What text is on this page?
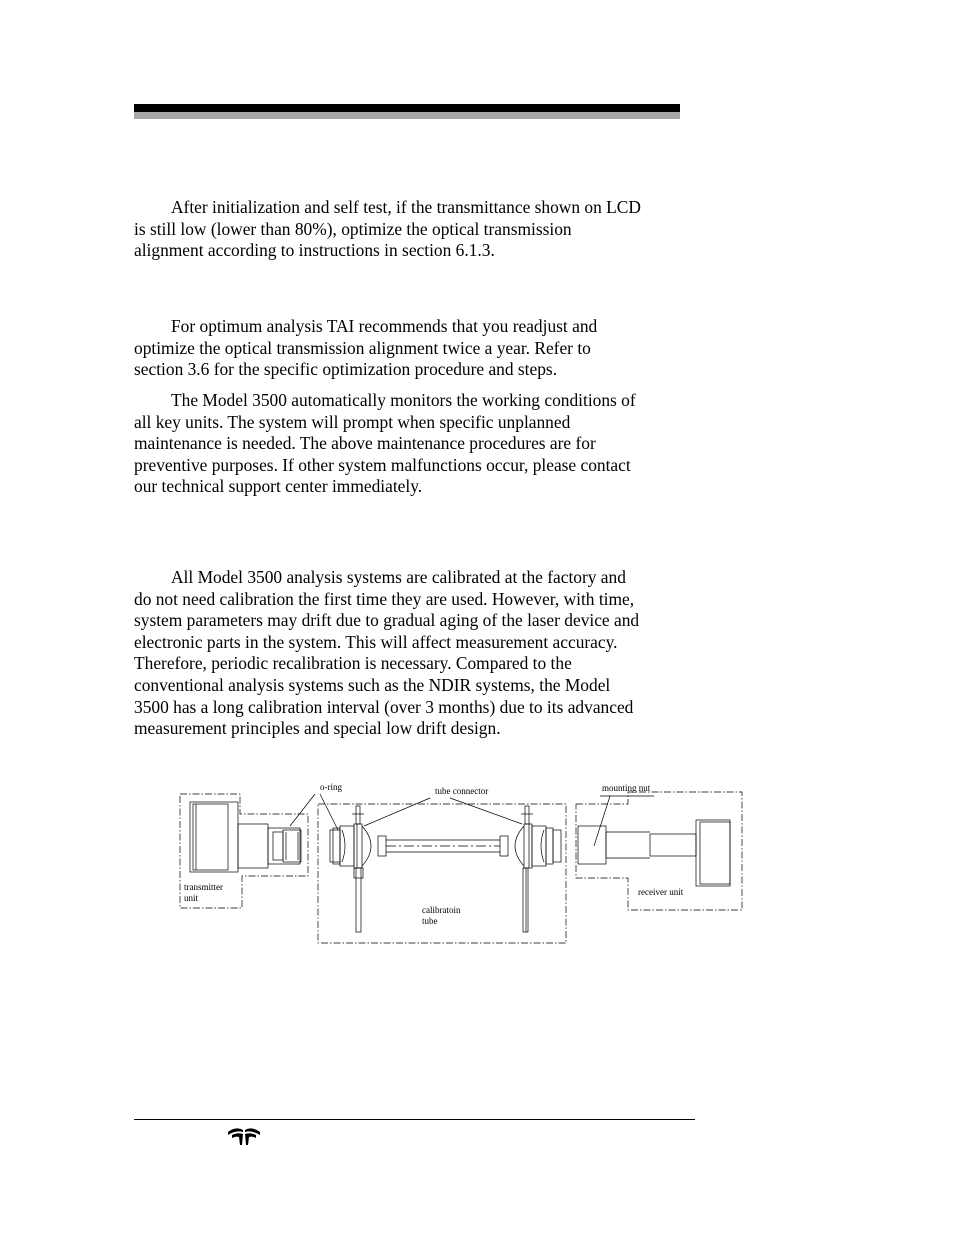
After initialization and self test, if the transmittance shown on LCD
is still low (lower than 80%), optimize the optical transmission
alignment according to instructions in section 6.1.3.

For optimum analysis TAI recommends that you readjust and
optimize the optical transmission alignment twice a year. Refer to
section 3.6 for the specific optimization procedure and steps.

The Model 3500 automatically monitors the working conditions of
all key units. The system will prompt when specific unplanned
maintenance is needed. The above maintenance procedures are for
preventive purposes. If other system malfunctions occur, please contact
our technical support center immediately.

All Model 3500 analysis systems are calibrated at the factory and
do not need calibration the first time they are used. However, with time,
system parameters may drift due to gradual aging of the laser device and
electronic parts in the system. This will affect measurement accuracy.
Therefore, periodic recalibration is necessary. Compared to the
conventional analysis systems such as the NDIR systems, the Model
3500 has a long calibration interval (over 3 months) due to its advanced
measurement principles and special low drift design.

o-ring	tube connector	mounting nut
transmitter
unit
calibratoin
tube
receiver unit
